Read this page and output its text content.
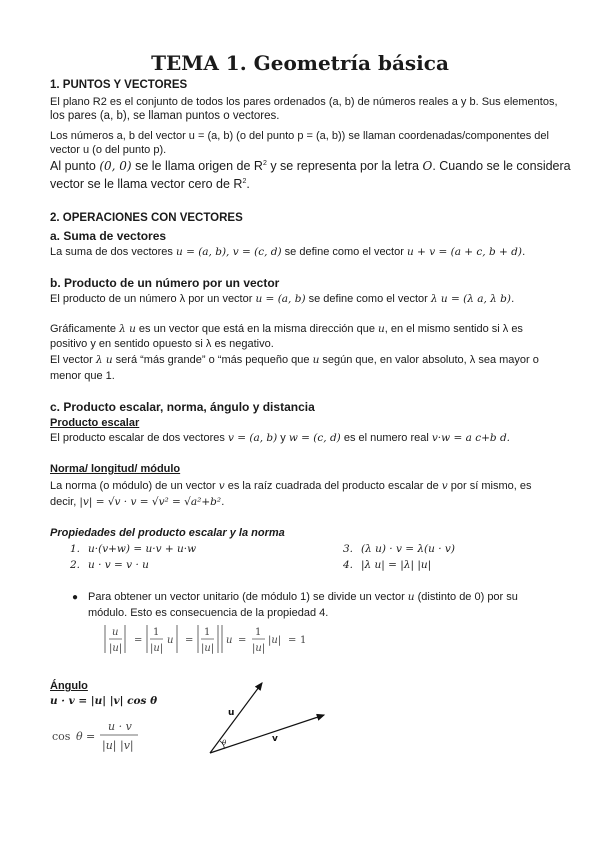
TEMA 1. Geometría básica
1. PUNTOS Y VECTORES
El plano R2 es el conjunto de todos los pares ordenados (a, b) de números reales a y b. Sus elementos,
los pares (a, b), se llaman puntos o vectores.
Los números a, b del vector u = (a, b) (o del punto p = (a, b)) se llaman coordenadas/componentes del
vector u (o del punto p).
Al punto (0, 0) se le llama origen de $R^2$ y se representa por la letra O. Cuando se le considera
vector se le llama vector cero de $R^2$.
2. OPERACIONES CON VECTORES
a. Suma de vectores
La suma de dos vectores u = (a, b), v = (c, d) se define como el vector u + v = (a + c, b + d).
b. Producto de un número por un vector
El producto de un número λ por un vector u = (a, b) se define como el vector λ u = (λ a, λ b).
Gráficamente λ u es un vector que está en la misma dirección que u, en el mismo sentido si λ es
positivo y en sentido opuesto si λ es negativo.
El vector λ u será “más grande” o “más pequeño que u según que, en valor absoluto, λ sea mayor o
menor que 1.
c. Producto escalar, norma, ángulo y distancia
Producto escalar
El producto escalar de dos vectores v = (a, b) y w = (c, d) es el numero real v·w = a c+b d.
Norma/ longitud/ módulo
La norma (o módulo) de un vector v es la raíz cuadrada del producto escalar de v por sí mismo, es
decir, |v| = √v · v = √v² = √a²+b².
Propiedades del producto escalar y la norma
1. u·(v+w) = u·v + u·w
2. u · v = v · u
3. (λ u) · v = λ(u · v)
4. |λ u| = |λ| |u|
● Para obtener un vector unitario (de módulo 1) se divide un vector u (distinto de 0) por su
módulo. Esto es consecuencia de la propiedad 4.
u
|u|
=
1
|u|
u =
1
|u|
u =
1
|u|
|u| = 1
Ángulo
u · v = |u| |v| cos θ
cos θ =
u · v
|u| |v|
u
v
θ
